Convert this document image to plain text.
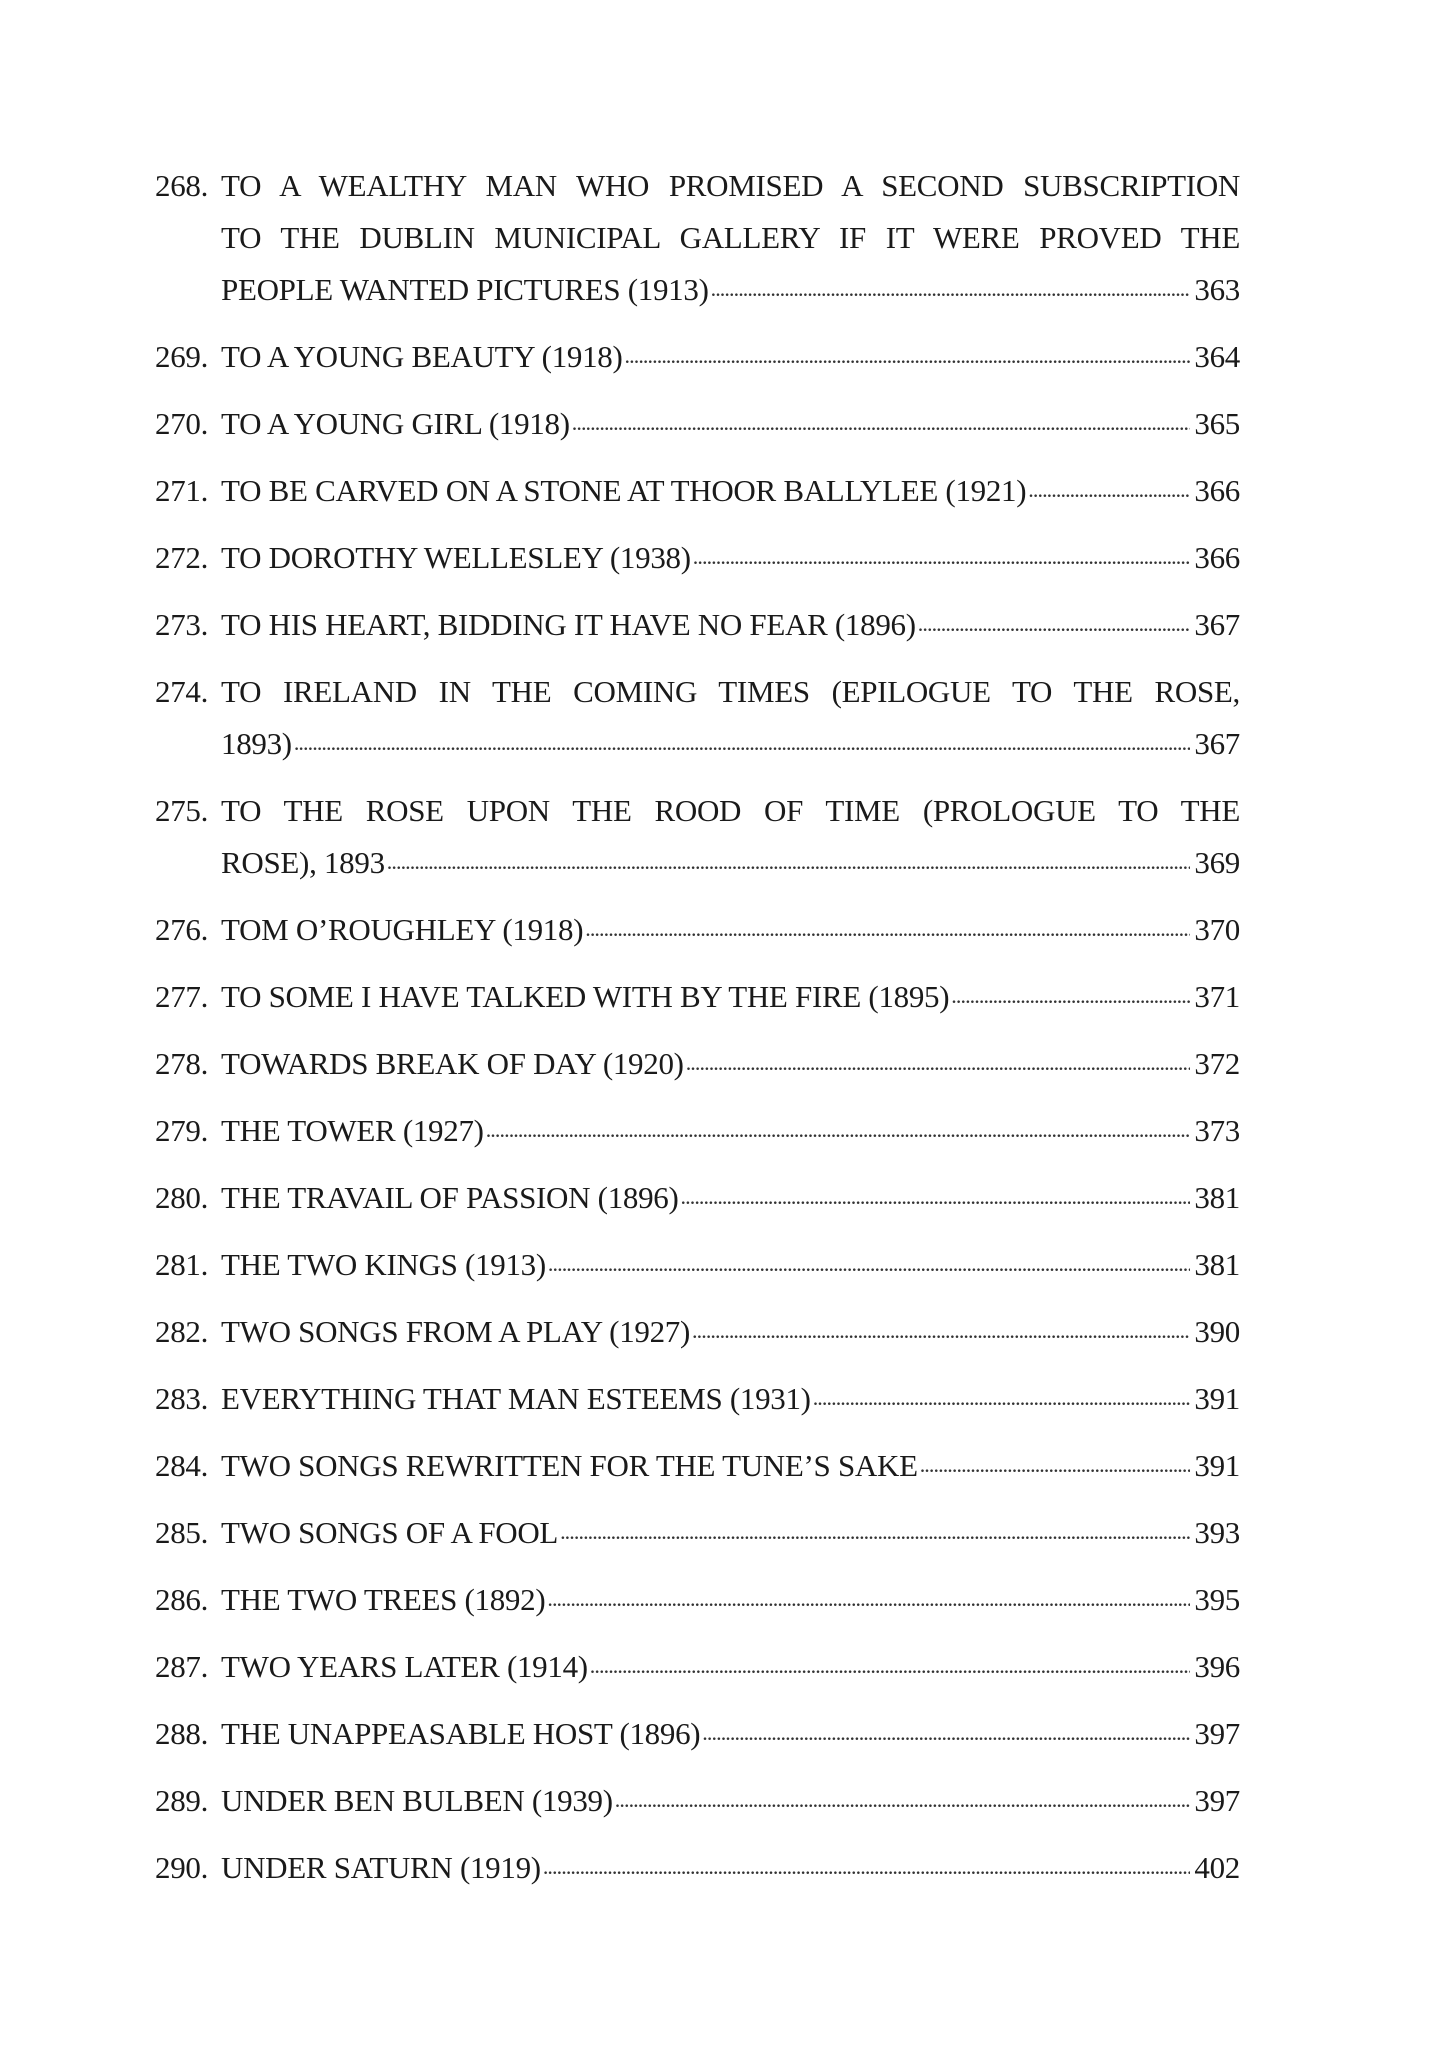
268. TO A WEALTHY MAN WHO PROMISED A SECOND SUBSCRIPTION
TO THE DUBLIN MUNICIPAL GALLERY IF IT WERE PROVED THE
PEOPLE WANTED PICTURES (1913) . . .	363
269. TO A YOUNG BEAUTY (1918) . . .	364
270. TO A YOUNG GIRL (1918) . . .	365
271. TO BE CARVED ON A STONE AT THOOR BALLYLEE (1921) . . .	366
272. TO DOROTHY WELLESLEY (1938) . . .	366
273. TO HIS HEART, BIDDING IT HAVE NO FEAR (1896) . . .	367
274. TO IRELAND IN THE COMING TIMES (EPILOGUE TO THE ROSE,
1893) . . .	367
275. TO THE ROSE UPON THE ROOD OF TIME (PROLOGUE TO THE
ROSE), 1893 . . .	369
276. TOM O’ROUGHLEY (1918) . . .	370
277. TO SOME I HAVE TALKED WITH BY THE FIRE (1895) . . .	371
278. TOWARDS BREAK OF DAY (1920) . . .	372
279. THE TOWER (1927) . . .	373
280. THE TRAVAIL OF PASSION (1896) . . .	381
281. THE TWO KINGS (1913) . . .	381
282. TWO SONGS FROM A PLAY (1927) . . .	390
283. EVERYTHING THAT MAN ESTEEMS (1931) . . .	391
284. TWO SONGS REWRITTEN FOR THE TUNE’S SAKE . . .	391
285. TWO SONGS OF A FOOL . . .	393
286. THE TWO TREES (1892) . . .	395
287. TWO YEARS LATER (1914) . . .	396
288. THE UNAPPEASABLE HOST (1896) . . .	397
289. UNDER BEN BULBEN (1939) . . .	397
290. UNDER SATURN (1919) . . .	402
